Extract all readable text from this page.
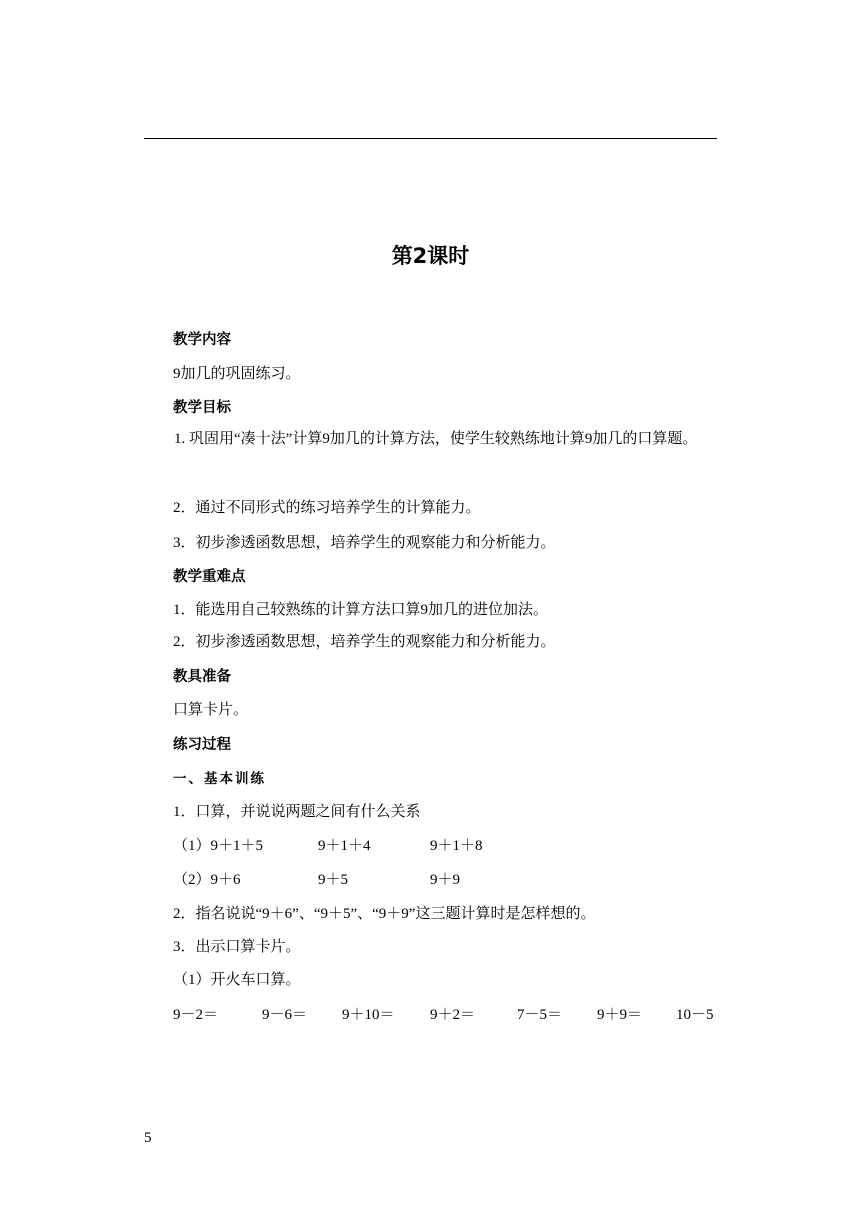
第2课时
教学内容
9加几的巩固练习。
教学目标
1. 巩固用“凑十法”计算9加几的计算方法，使学生较熟练地计算9加几的口算题。
2．通过不同形式的练习培养学生的计算能力。
3．初步渗透函数思想，培养学生的观察能力和分析能力。
教学重难点
1．能选用自己较熟练的计算方法口算9加几的进位加法。
2．初步渗透函数思想，培养学生的观察能力和分析能力。
教具准备
口算卡片。
练习过程
一、基本训练
1．口算，并说说两题之间有什么关系
（1）9＋1＋5	9＋1＋4	9＋1＋8
（2）9＋6	9＋5	9＋9
2．指名说说“9＋6”、“9＋5”、“9＋9”这三题计算时是怎样想的。
3．出示口算卡片。
（1）开火车口算。
9－2＝	9－6＝ 9＋10＝ 9＋2＝	7－5＝ 9＋9＝ 10－5
5
